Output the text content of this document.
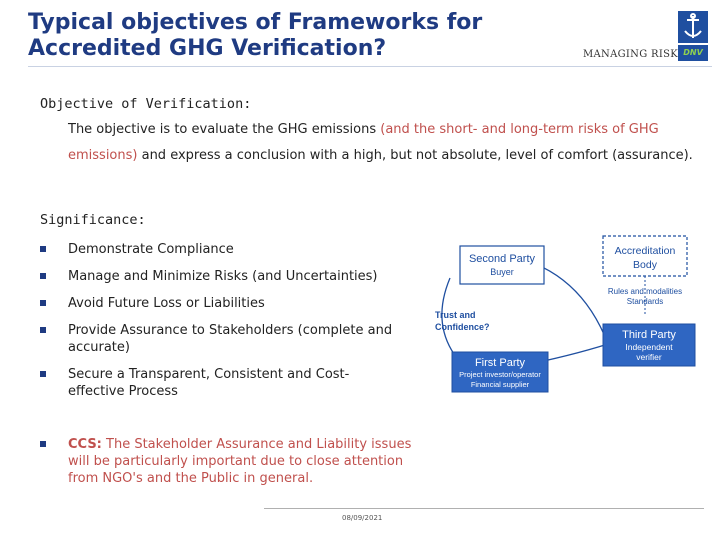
Typical objectives of Frameworks for
Accredited GHG Verification?	MANAGING RISK DNV
Objective of Verification:
The objective is to evaluate the GHG emissions (and the short- and long-term risks of GHG emissions) and express a conclusion with a high, but not absolute, level of comfort (assurance).
Significance:
Demonstrate Compliance
Manage and Minimize Risks (and Uncertainties)
Avoid Future Loss or Liabilities
Provide Assurance to Stakeholders (complete and accurate)
Secure a Transparent, Consistent and Cost-effective Process
CCS: The Stakeholder Assurance and Liability issues will be particularly important due to close attention from NGO's and the Public in general.
Second Party
Buyer
Accreditation
Body
Rules and modalities
Standards
Trust and
Confidence?
Third Party
Independent
verifier
First Party
Project investor/operator
Financial supplier
08/09/2021
